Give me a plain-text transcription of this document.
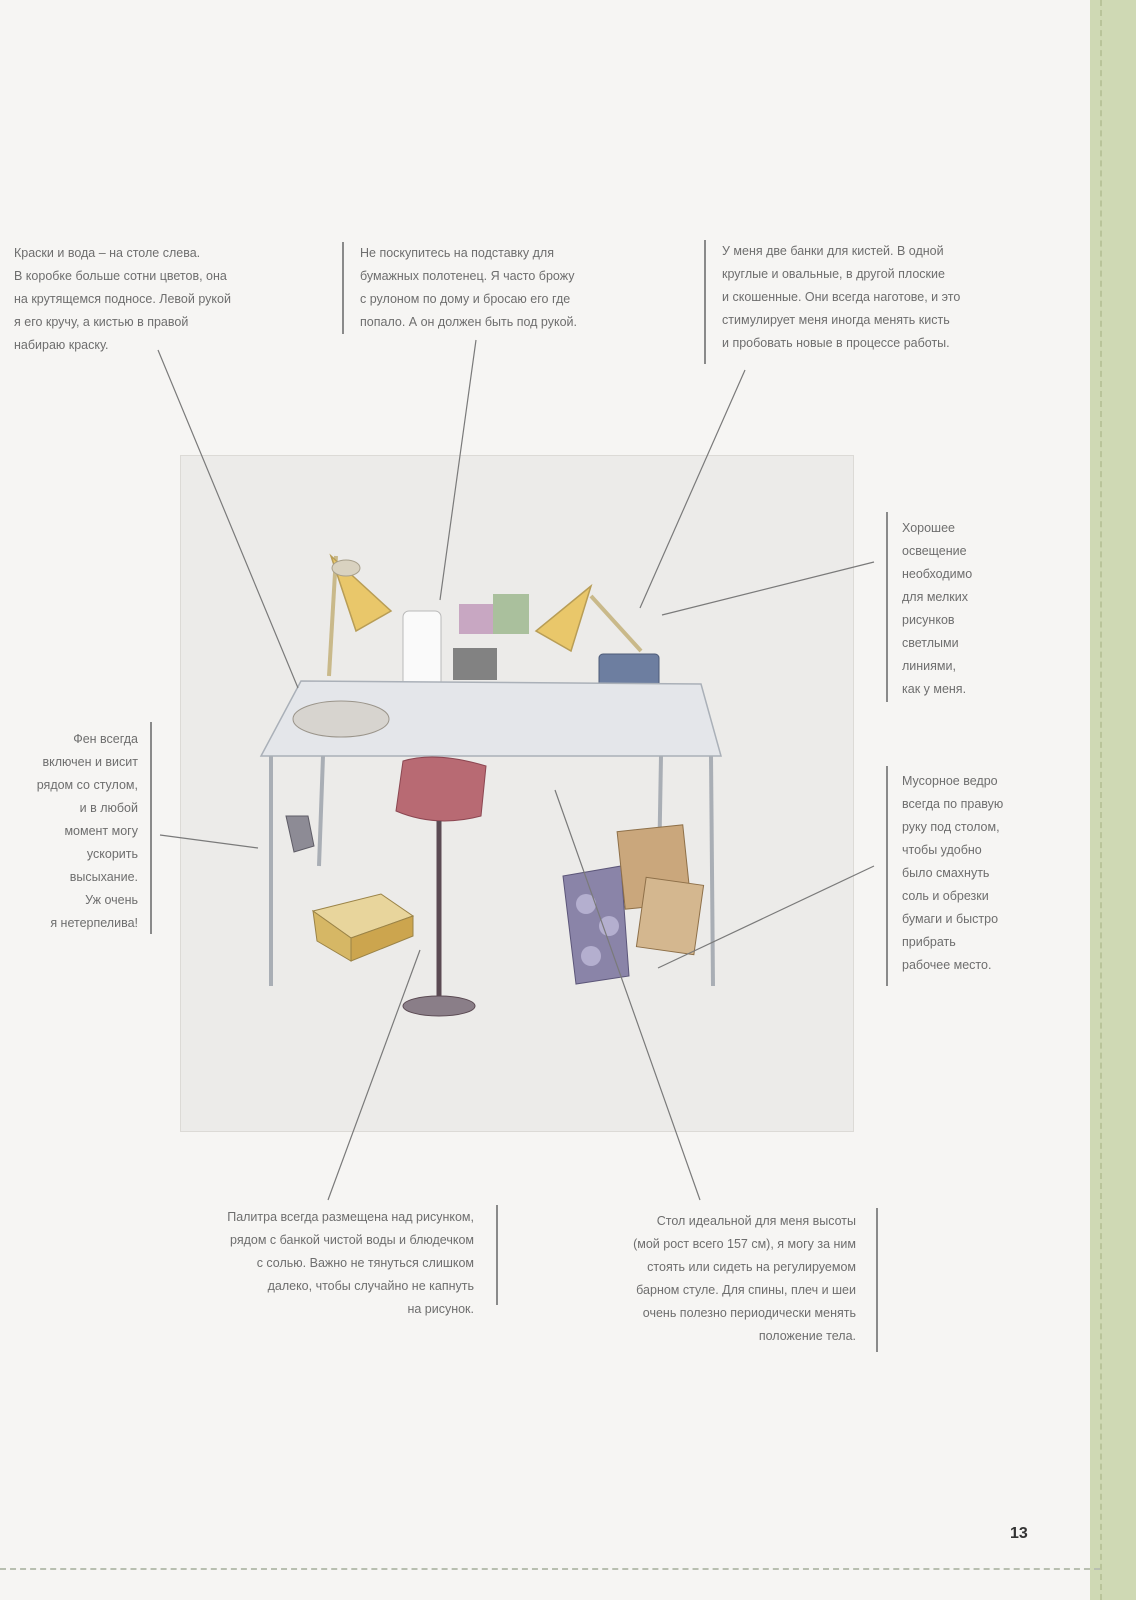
Краски и вода – на столе слева.
В коробке больше сотни цветов, она
на крутящемся подносе. Левой рукой
я его кручу, а кистью в правой
набираю краску.
Не поскупитесь на подставку для
бумажных полотенец. Я часто брожу
с рулоном по дому и бросаю его где
попало. А он должен быть под рукой.
У меня две банки для кистей. В одной
круглые и овальные, в другой плоские
и скошенные. Они всегда наготове, и это
стимулирует меня иногда менять кисть
и пробовать новые в процессе работы.
Хорошее
освещение
необходимо
для мелких
рисунков
светлыми
линиями,
как у меня.
Фен всегда
включен и висит
рядом со стулом,
и в любой
момент могу
ускорить
высыхание.
Уж очень
я нетерпелива!
Мусорное ведро
всегда по правую
руку под столом,
чтобы удобно
было смахнуть
соль и обрезки
бумаги и быстро
прибрать
рабочее место.
Палитра всегда размещена над рисунком,
рядом с банкой чистой воды и блюдечком
с солью. Важно не тянуться слишком
далеко, чтобы случайно не капнуть
на рисунок.
Стол идеальной для меня высоты
(мой рост всего 157 см), я могу за ним
стоять или сидеть на регулируемом
барном стуле. Для спины, плеч и шеи
очень полезно периодически менять
положение тела.
13
